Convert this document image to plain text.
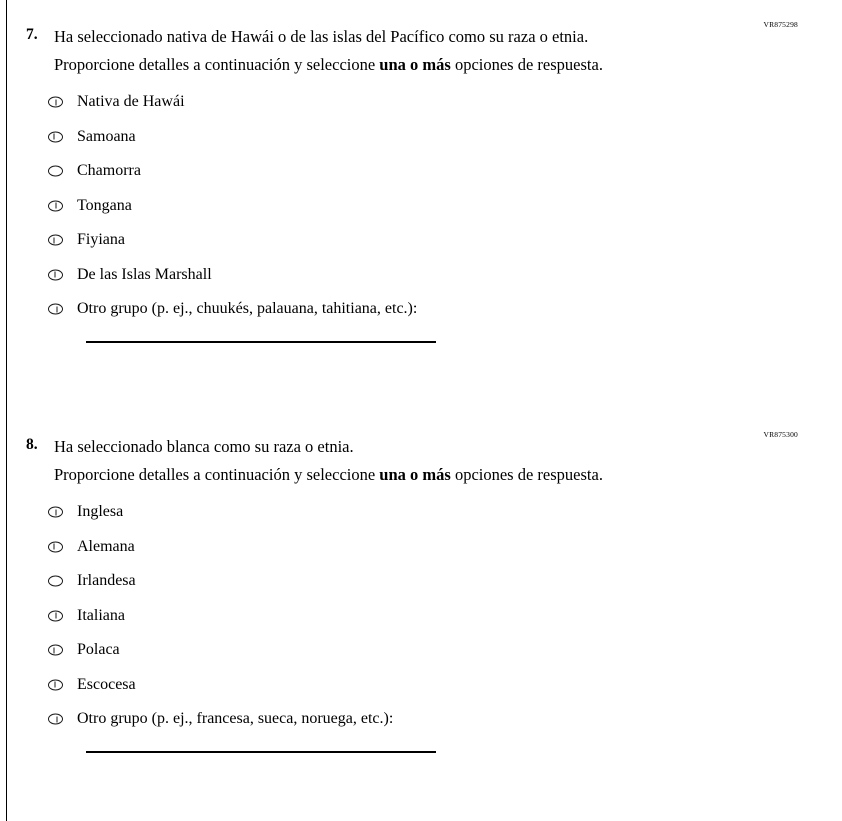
VR875298
7. Ha seleccionado nativa de Hawái o de las islas del Pacífico como su raza o etnia.
Proporcione detalles a continuación y seleccione una o más opciones de respuesta.
Nativa de Hawái
Samoana
Chamorra
Tongana
Fiyiana
De las Islas Marshall
Otro grupo (p. ej., chuukés, palauana, tahitiana, etc.):
VR875300
8. Ha seleccionado blanca como su raza o etnia.
Proporcione detalles a continuación y seleccione una o más opciones de respuesta.
Inglesa
Alemana
Irlandesa
Italiana
Polaca
Escocesa
Otro grupo (p. ej., francesa, sueca, noruega, etc.):
